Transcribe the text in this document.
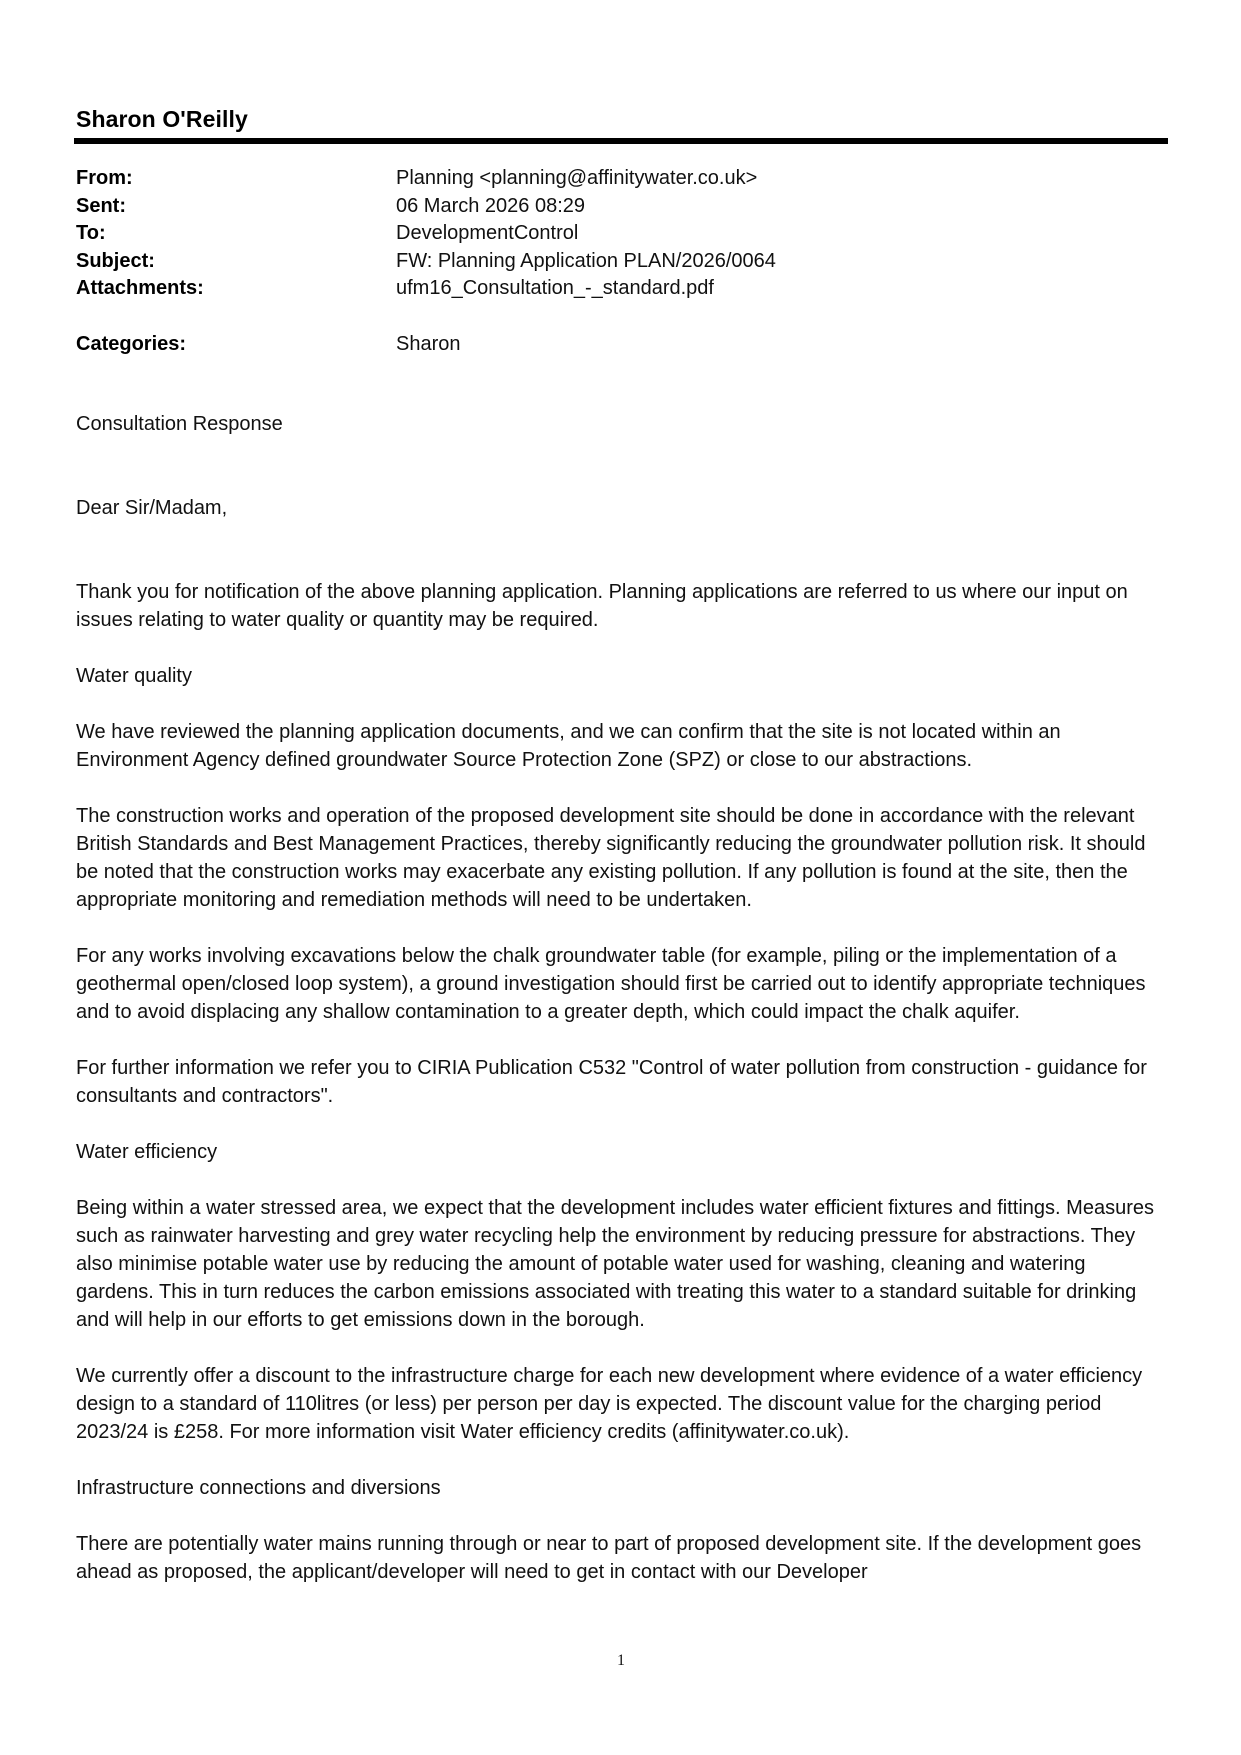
Sharon O'Reilly
From:	Planning <planning@affinitywater.co.uk>
Sent:	06 March 2026 08:29
To:	DevelopmentControl
Subject:	FW: Planning Application PLAN/2026/0064
Attachments:	ufm16_Consultation_-_standard.pdf
Categories:	Sharon

Consultation Response

Dear Sir/Madam,

Thank you for notification of the above planning application. Planning applications are referred to us where our input on issues relating to water quality or quantity may be required.

Water quality

We have reviewed the planning application documents, and we can confirm that the site is not located within an Environment Agency defined groundwater Source Protection Zone (SPZ) or close to our abstractions.

The construction works and operation of the proposed development site should be done in accordance with the relevant British Standards and Best Management Practices, thereby significantly reducing the groundwater pollution risk. It should be noted that the construction works may exacerbate any existing pollution. If any pollution is found at the site, then the appropriate monitoring and remediation methods will need to be undertaken.

For any works involving excavations below the chalk groundwater table (for example, piling or the implementation of a geothermal open/closed loop system), a ground investigation should first be carried out to identify appropriate techniques and to avoid displacing any shallow contamination to a greater depth, which could impact the chalk aquifer.

For further information we refer you to CIRIA Publication C532 "Control of water pollution from construction - guidance for consultants and contractors".

Water efficiency

Being within a water stressed area, we expect that the development includes water efficient fixtures and fittings. Measures such as rainwater harvesting and grey water recycling help the environment by reducing pressure for abstractions. They also minimise potable water use by reducing the amount of potable water used for washing, cleaning and watering gardens. This in turn reduces the carbon emissions associated with treating this water to a standard suitable for drinking and will help in our efforts to get emissions down in the borough.

We currently offer a discount to the infrastructure charge for each new development where evidence of a water efficiency design to a standard of 110litres (or less) per person per day is expected. The discount value for the charging period 2023/24 is £258. For more information visit Water efficiency credits (affinitywater.co.uk).

Infrastructure connections and diversions

There are potentially water mains running through or near to part of proposed development site. If the development goes ahead as proposed, the applicant/developer will need to get in contact with our Developer

1
